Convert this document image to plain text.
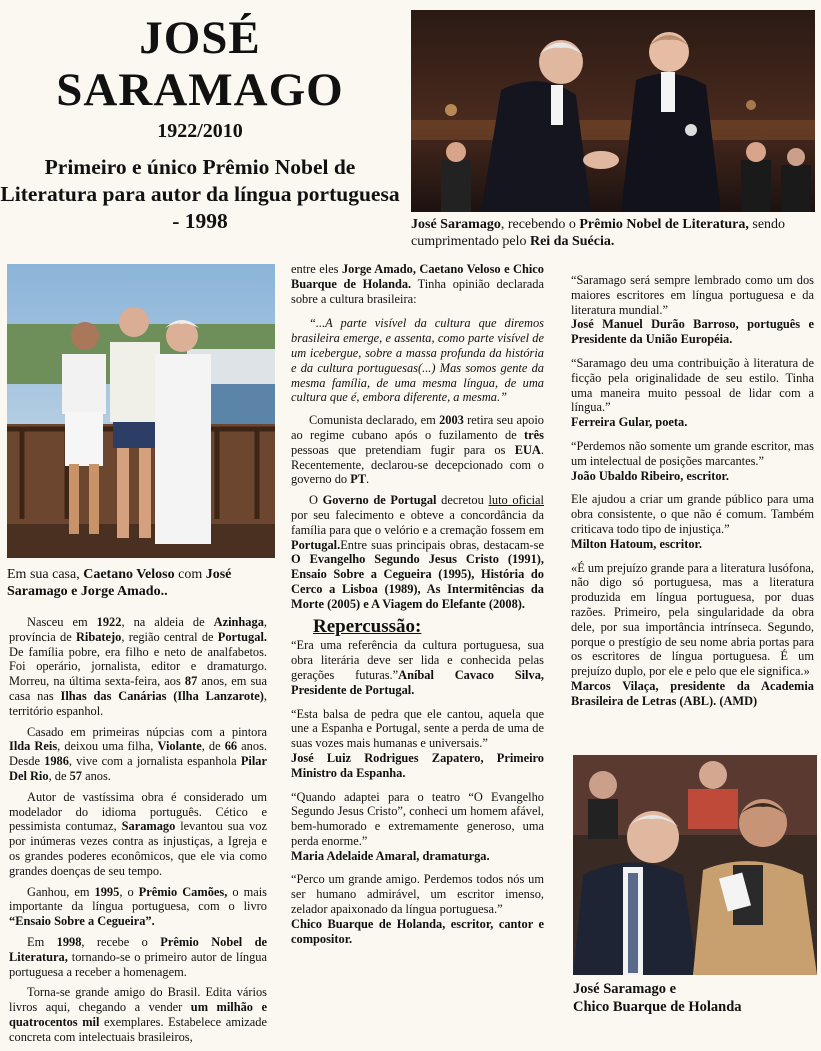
JOSÉ
SARAMAGO
1922/2010
Primeiro e único Prêmio Nobel de Literatura para autor da língua portuguesa - 1998	José Saramago, recebendo o Prêmio Nobel de Literatura, sendo cumprimentado pelo Rei da Suécia.
Em sua casa, Caetano Veloso com José Saramago e Jorge Amado..

Nasceu em 1922, na aldeia de Azinhaga, província de Ribatejo, região central de Portugal. De família pobre, era filho e neto de analfabetos. Foi operário, jornalista, editor e dramaturgo. Morreu, na última sexta-feira, aos 87 anos, em sua casa nas Ilhas das Canárias (Ilha Lanzarote), território espanhol.

Casado em primeiras núpcias com a pintora Ilda Reis, deixou uma filha, Violante, de 66 anos. Desde 1986, vive com a jornalista espanhola Pilar Del Rio, de 57 anos.

Autor de vastíssima obra é considerado um modelador do idioma português. Cético e pessimista contumaz, Saramago levantou sua voz por inúmeras vezes contra as injustiças, a Igreja e os grandes poderes econômicos, que ele via como grandes doenças de seu tempo.

Ganhou, em 1995, o Prêmio Camões, o mais importante da língua portuguesa, com o livro “Ensaio Sobre a Cegueira”.

Em 1998, recebe o Prêmio Nobel de Literatura, tornando-se o primeiro autor de língua portuguesa a receber a homenagem.

Torna-se grande amigo do Brasil. Edita vários livros aqui, chegando a vender um milhão e quatrocentos mil exemplares. Estabelece amizade concreta com intelectuais brasileiros,

entre eles Jorge Amado, Caetano Veloso e Chico Buarque de Holanda. Tinha opinião declarada sobre a cultura brasileira:

“...A parte visível da cultura que diremos brasileira emerge, e assenta, como parte visível de um icebergue, sobre a massa profunda da história e da cultura portuguesas(...) Mas somos gente da mesma família, de uma mesma língua, de uma cultura que é, embora diferente, a mesma.”

Comunista declarado, em 2003 retira seu apoio ao regime cubano após o fuzilamento de três pessoas que pretendiam fugir para os EUA. Recentemente, declarou-se decepcionado com o governo do PT.

O Governo de Portugal decretou luto oficial por seu falecimento e obteve a concordância da família para que o velório e a cremação fossem em Portugal.Entre suas principais obras, destacam-se O Evangelho Segundo Jesus Cristo (1991), Ensaio Sobre a Cegueira (1995), História do Cerco a Lisboa (1989), As Intermitências da Morte (2005) e A Viagem do Elefante (2008).

Repercussão:
“Era uma referência da cultura portuguesa, sua obra literária deve ser lida e conhecida pelas gerações futuras.”Aníbal Cavaco Silva, Presidente de Portugal.
“Esta balsa de pedra que ele cantou, aquela que une a Espanha e Portugal, sente a perda de uma de suas vozes mais humanas e universais.”
José Luiz Rodrigues Zapatero, Primeiro Ministro da Espanha.
“Quando adaptei para o teatro “O Evangelho Segundo Jesus Cristo”, conheci um homem afável, bem-humorado e extremamente generoso, uma perda enorme.”
Maria Adelaide Amaral, dramaturga.
“Perco um grande amigo. Perdemos todos nós um ser humano admirável, um escritor imenso, zelador apaixonado da língua portuguesa.”
Chico Buarque de Holanda, escritor, cantor e compositor.
“Saramago será sempre lembrado como um dos maiores escritores em língua portuguesa e da literatura mundial.”
José Manuel Durão Barroso, português e Presidente da União Européia.
“Saramago deu uma contribuição à literatura de ficção pela originalidade de seu estilo. Tinha uma maneira muito pessoal de lidar com a língua.”
Ferreira Gular, poeta.
“Perdemos não somente um grande escritor, mas um intelectual de posições marcantes.”
João Ubaldo Ribeiro, escritor.
Ele ajudou a criar um grande público para uma obra consistente, o que não é comum. Também criticava todo tipo de injustiça.”
Milton Hatoum, escritor.
«É um prejuízo grande para a literatura lusófona, não digo só portuguesa, mas a literatura produzida em língua portuguesa, por duas razões. Primeiro, pela singularidade da obra dele, por sua importância intrínseca. Segundo, porque o prestígio de seu nome abria portas para os escritores de língua portuguesa. É um prejuízo duplo, por ele e pelo que ele significa.»
Marcos Vilaça, presidente da Academia Brasileira de Letras (ABL). (AMD)
José Saramago e
Chico Buarque de Holanda
